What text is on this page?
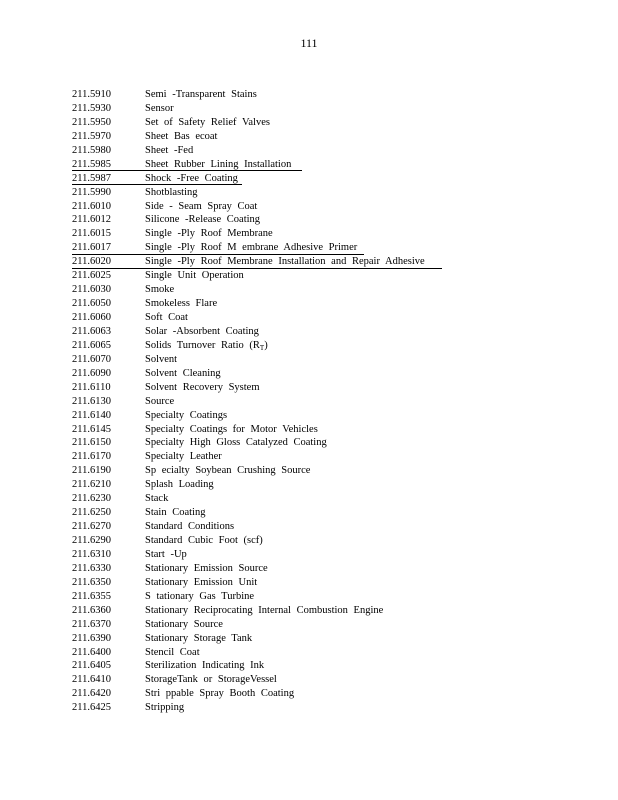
111
211.5910	Semi -Transparent Stains
211.5930	Sensor
211.5950	Set of Safety Relief Valves
211.5970	Sheet Bas ecoat
211.5980	Sheet -Fed
211.5985	Sheet Rubber Lining Installation
211.5987	Shock -Free Coating
211.5990	Shotblasting
211.6010	Side - Seam Spray Coat
211.6012	Silicone -Release Coating
211.6015	Single -Ply Roof Membrane
211.6017	Single -Ply Roof M embrane Adhesive Primer
211.6020	Single -Ply Roof Membrane Installation and Repair Adhesive
211.6025	Single Unit Operation
211.6030	Smoke
211.6050	Smokeless Flare
211.6060	Soft Coat
211.6063	Solar -Absorbent Coating
211.6065	Solids Turnover Ratio $(R_T)$
211.6070	Solvent
211.6090	Solvent Cleaning
211.6110	Solvent Recovery System
211.6130	Source
211.6140	Specialty Coatings
211.6145	Specialty Coatings for Motor Vehicles
211.6150	Specialty High Gloss Catalyzed Coating
211.6170	Specialty Leather
211.6190	Sp ecialty Soybean Crushing Source
211.6210	Splash Loading
211.6230	Stack
211.6250	Stain Coating
211.6270	Standard Conditions
211.6290	Standard Cubic Foot (scf)
211.6310	Start -Up
211.6330	Stationary Emission Source
211.6350	Stationary Emission Unit
211.6355	S tationary Gas Turbine
211.6360	Stationary Reciprocating Internal Combustion Engine
211.6370	Stationary Source
211.6390	Stationary Storage Tank
211.6400	Stencil Coat
211.6405	Sterilization Indicating Ink
211.6410	StorageTank or StorageVessel
211.6420	Stri ppable Spray Booth Coating
211.6425	Stripping
